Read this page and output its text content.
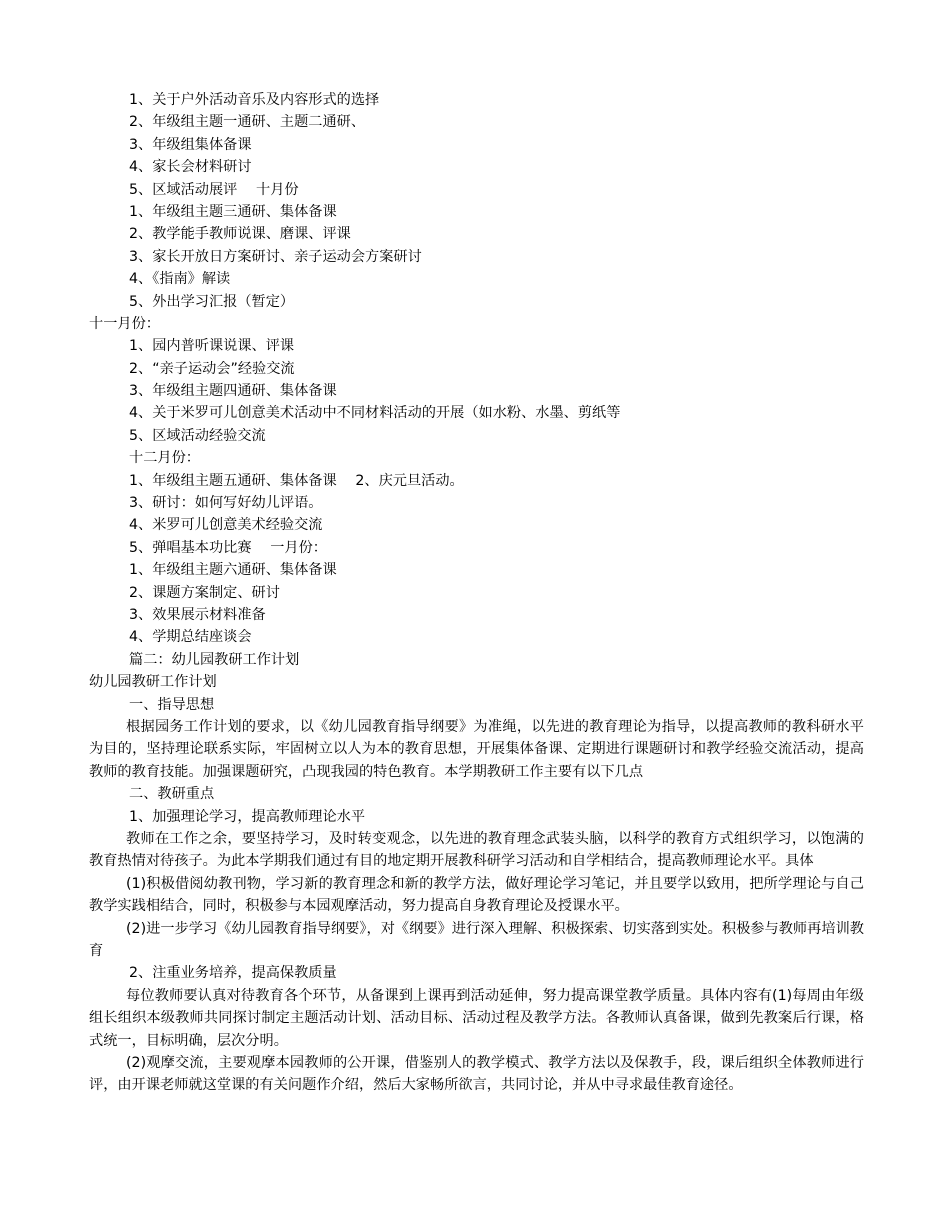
1、关于户外活动音乐及内容形式的选择
2、年级组主题一通研、主题二通研、
3、年级组集体备课
4、家长会材料研讨
5、区域活动展评　 十月份
1、年级组主题三通研、集体备课
2、教学能手教师说课、磨课、评课
3、家长开放日方案研讨、亲子运动会方案研讨
4、《指南》解读
5、外出学习汇报（暂定）
十一月份：
1、园内普听课说课、评课
2、“亲子运动会”经验交流
3、年级组主题四通研、集体备课
4、关于米罗可儿创意美术活动中不同材料活动的开展（如水粉、水墨、剪纸等
5、区域活动经验交流
十二月份：
1、年级组主题五通研、集体备课　 2、庆元旦活动。
3、研讨：如何写好幼儿评语。
4、米罗可儿创意美术经验交流
5、弹唱基本功比赛　 一月份：
1、年级组主题六通研、集体备课
2、课题方案制定、研讨
3、效果展示材料准备
4、学期总结座谈会
篇二：幼儿园教研工作计划
幼儿园教研工作计划
一、指导思想
根据园务工作计划的要求，以《幼儿园教育指导纲要》为准绳，以先进的教育理论为指导，以提高教师的教科研水平为目的，坚持理论联系实际，牢固树立以人为本的教育思想，开展集体备课、定期进行课题研讨和教学经验交流活动，提高教师的教育技能。加强课题研究，凸现我园的特色教育。本学期教研工作主要有以下几点
二、教研重点
1、加强理论学习，提高教师理论水平
教师在工作之余，要坚持学习，及时转变观念，以先进的教育理念武装头脑，以科学的教育方式组织学习，以饱满的教育热情对待孩子。为此本学期我们通过有目的地定期开展教科研学习活动和自学相结合，提高教师理论水平。具体
(1)积极借阅幼教刊物，学习新的教育理念和新的教学方法，做好理论学习笔记，并且要学以致用，把所学理论与自己教学实践相结合，同时，积极参与本园观摩活动，努力提高自身教育理论及授课水平。
(2)进一步学习《幼儿园教育指导纲要》，对《纲要》进行深入理解、积极探索、切实落到实处。积极参与教师再培训教育
2、注重业务培养，提高保教质量
每位教师要认真对待教育各个环节，从备课到上课再到活动延伸，努力提高课堂教学质量。具体内容有(1)每周由年级组长组织本级教师共同探讨制定主题活动计划、活动目标、活动过程及教学方法。各教师认真备课，做到先教案后行课，格式统一，目标明确，层次分明。
(2)观摩交流，主要观摩本园教师的公开课，借鉴别人的教学模式、教学方法以及保教手，段，课后组织全体教师进行评，由开课老师就这堂课的有关问题作介绍，然后大家畅所欲言，共同讨论，并从中寻求最佳教育途径。
